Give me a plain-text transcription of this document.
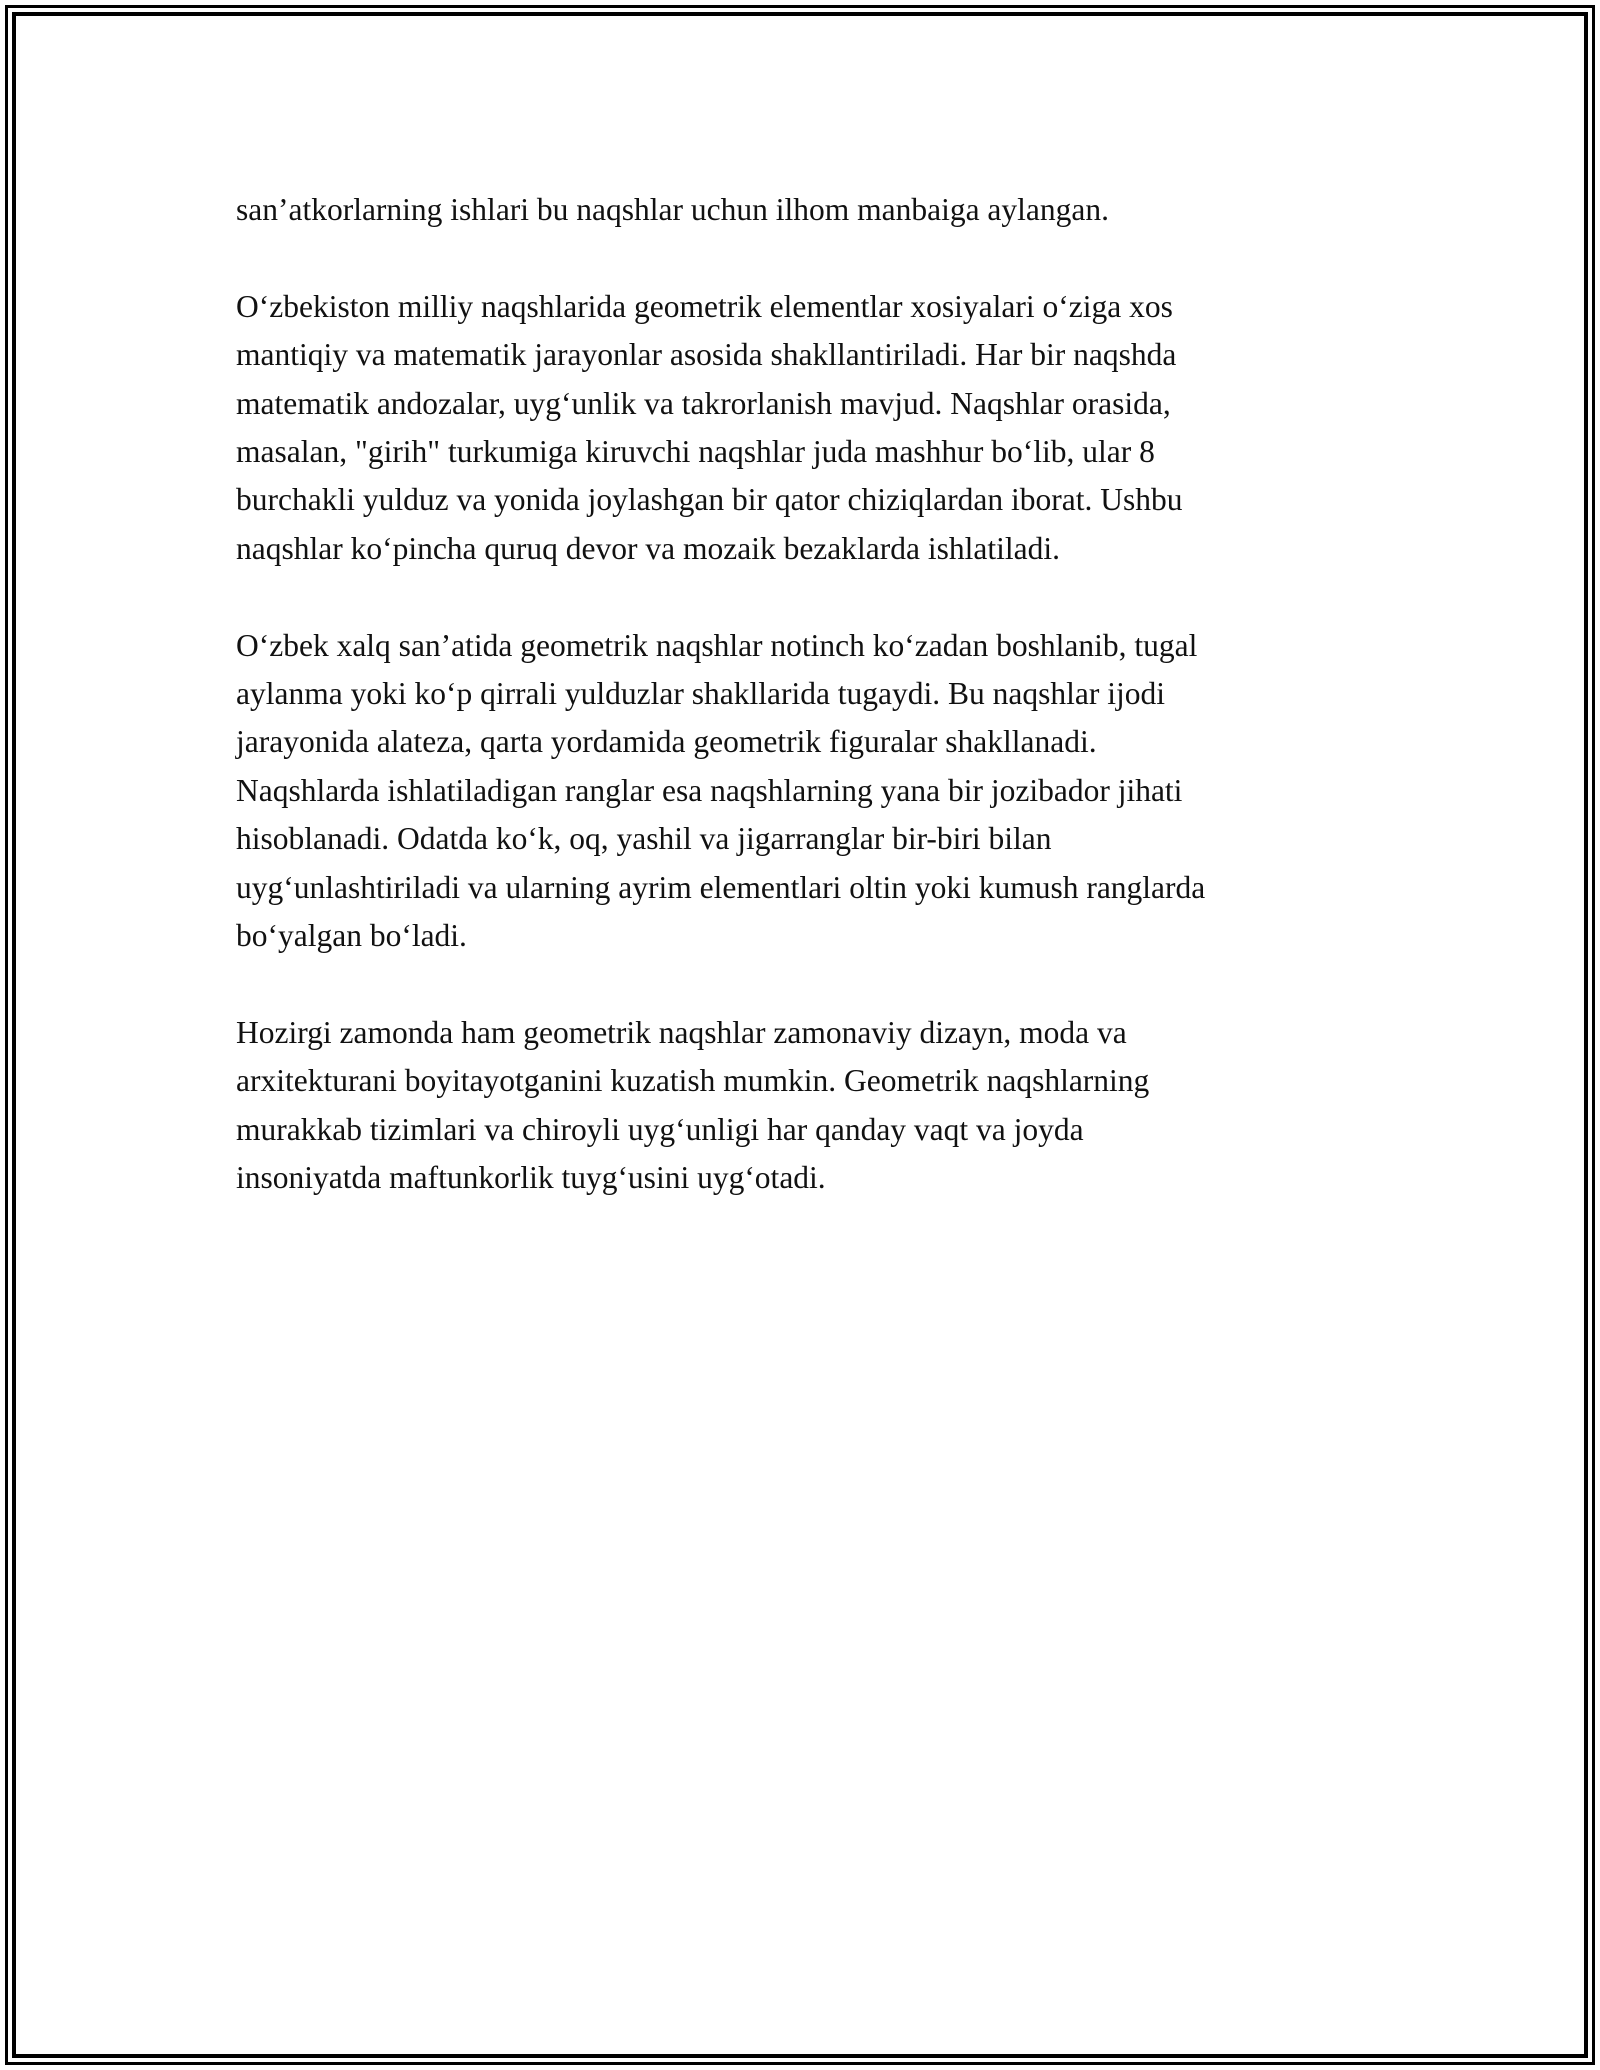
san’atkorlarning ishlari bu naqshlar uchun ilhom manbaiga aylangan.

O‘zbekiston milliy naqshlarida geometrik elementlar xosiyalari o‘ziga xos
mantiqiy va matematik jarayonlar asosida shakllantiriladi. Har bir naqshda
matematik andozalar, uyg‘unlik va takrorlanish mavjud. Naqshlar orasida,
masalan, "girih" turkumiga kiruvchi naqshlar juda mashhur bo‘lib, ular 8
burchakli yulduz va yonida joylashgan bir qator chiziqlardan iborat. Ushbu
naqshlar ko‘pincha quruq devor va mozaik bezaklarda ishlatiladi.

O‘zbek xalq san’atida geometrik naqshlar notinch ko‘zadan boshlanib, tugal
aylanma yoki ko‘p qirrali yulduzlar shakllarida tugaydi. Bu naqshlar ijodi
jarayonida alateza, qarta yordamida geometrik figuralar shakllanadi.
Naqshlarda ishlatiladigan ranglar esa naqshlarning yana bir jozibador jihati
hisoblanadi. Odatda ko‘k, oq, yashil va jigarranglar bir-biri bilan
uyg‘unlashtiriladi va ularning ayrim elementlari oltin yoki kumush ranglarda
bo‘yalgan bo‘ladi.

Hozirgi zamonda ham geometrik naqshlar zamonaviy dizayn, moda va
arxitekturani boyitayotganini kuzatish mumkin. Geometrik naqshlarning
murakkab tizimlari va chiroyli uyg‘unligi har qanday vaqt va joyda
insoniyatda maftunkorlik tuyg‘usini uyg‘otadi.
